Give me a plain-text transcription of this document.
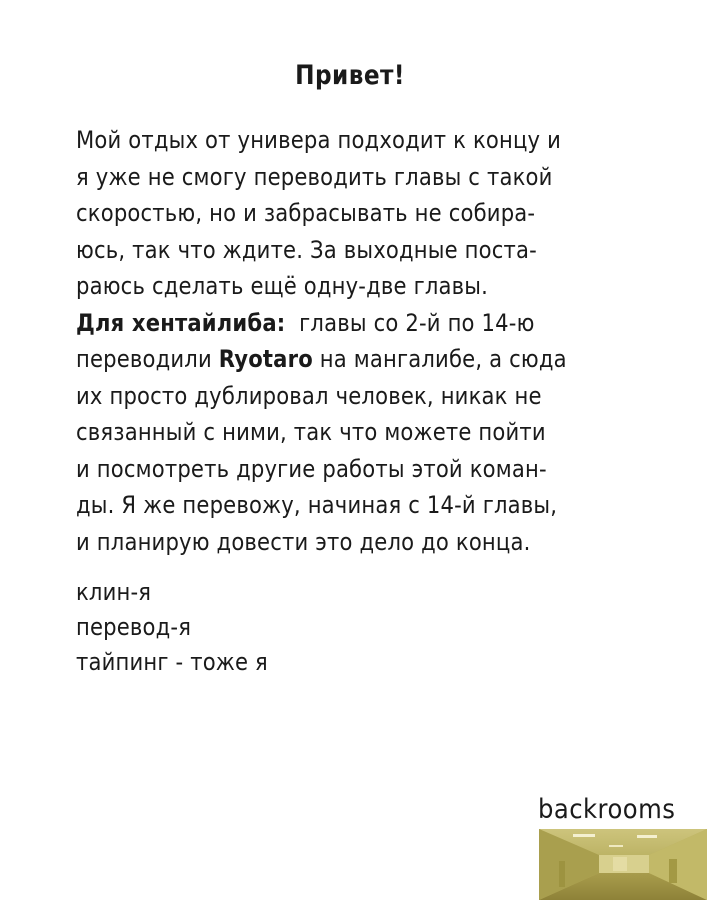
Привет!
Мой отдых от универа подходит к концу и
я уже не смогу переводить главы с такой
скоростью, но и забрасывать не собира-
юсь, так что ждите. За выходные поста-
раюсь сделать ещё одну-две главы.
Для хентайлиба:  главы со 2-й по 14-ю
переводили Ryotaro на мангалибе, а сюда
их просто дублировал человек, никак не
связанный с ними, так что можете пойти
и посмотреть другие работы этой коман-
ды. Я же перевожу, начиная с 14-й главы,
и планирую довести это дело до конца.
клин-я
перевод-я
тайпинг - тоже я
backrooms
